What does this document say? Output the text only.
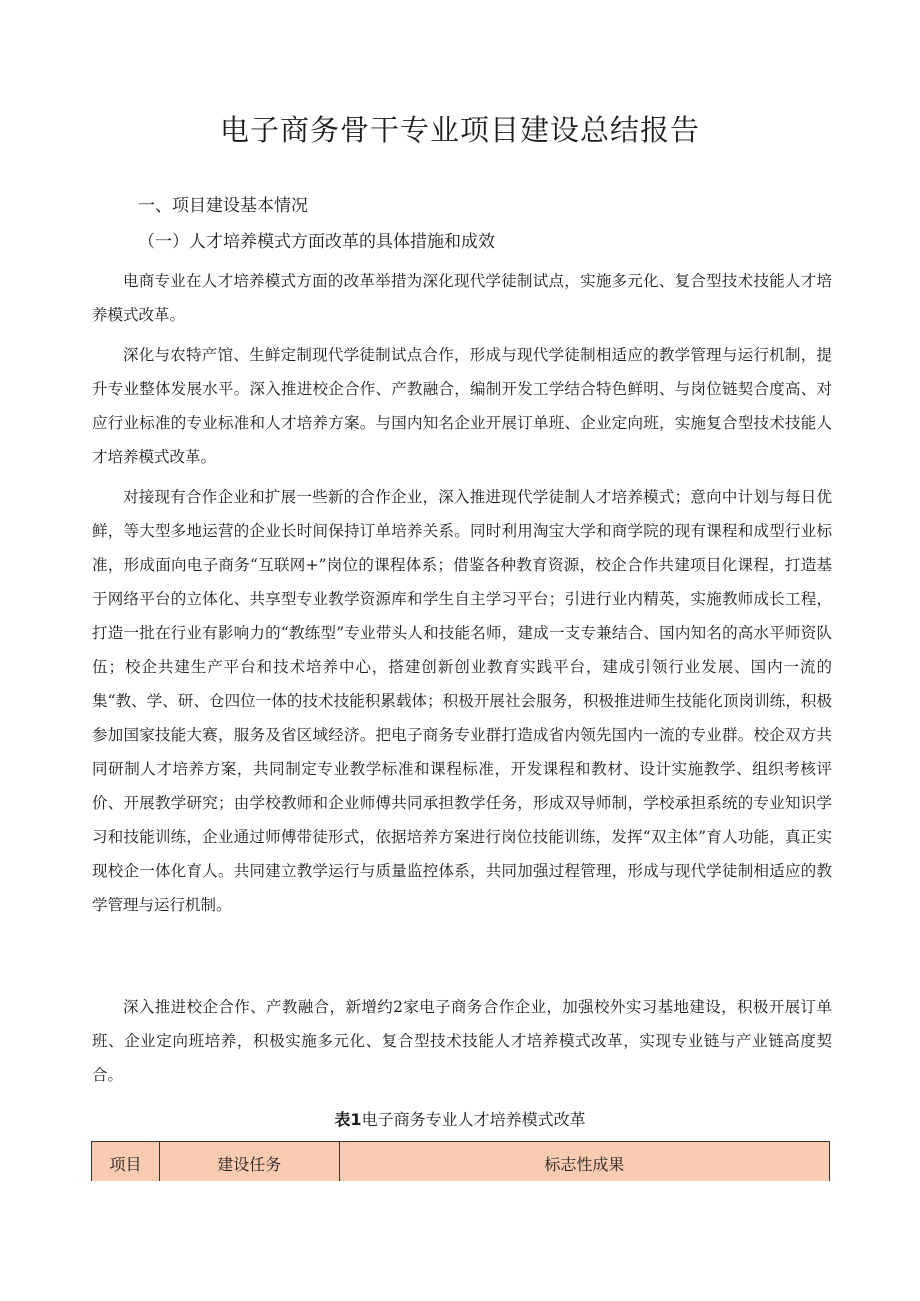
电子商务骨干专业项目建设总结报告
一、项目建设基本情况
（一）人才培养模式方面改革的具体措施和成效

电商专业在人才培养模式方面的改革举措为深化现代学徒制试点，实施多元化、复合型技术技能人才培养模式改革。

深化与农特产馆、生鲜定制现代学徒制试点合作，形成与现代学徒制相适应的教学管理与运行机制，提升专业整体发展水平。深入推进校企合作、产教融合，编制开发工学结合特色鲜明、与岗位链契合度高、对应行业标准的专业标准和人才培养方案。与国内知名企业开展订单班、企业定向班，实施复合型技术技能人才培养模式改革。

对接现有合作企业和扩展一些新的合作企业，深入推进现代学徒制人才培养模式；意向中计划与每日优鲜，等大型多地运营的企业长时间保持订单培养关系。同时利用淘宝大学和商学院的现有课程和成型行业标准，形成面向电子商务“互联网+”岗位的课程体系；借鉴各种教育资源，校企合作共建项目化课程，打造基于网络平台的立体化、共享型专业教学资源库和学生自主学习平台；引进行业内精英，实施教师成长工程，打造一批在行业有影响力的“教练型”专业带头人和技能名师，建成一支专兼结合、国内知名的高水平师资队伍；校企共建生产平台和技术培养中心，搭建创新创业教育实践平台，建成引领行业发展、国内一流的集“教、学、研、仓四位一体的技术技能积累载体；积极开展社会服务，积极推进师生技能化顶岗训练，积极参加国家技能大赛，服务及省区域经济。把电子商务专业群打造成省内领先国内一流的专业群。校企双方共同研制人才培养方案，共同制定专业教学标准和课程标准，开发课程和教材、设计实施教学、组织考核评价、开展教学研究；由学校教师和企业师傅共同承担教学任务，形成双导师制，学校承担系统的专业知识学习和技能训练，企业通过师傅带徒形式，依据培养方案进行岗位技能训练，发挥“双主体”育人功能，真正实现校企一体化育人。共同建立教学运行与质量监控体系，共同加强过程管理，形成与现代学徒制相适应的教学管理与运行机制。

深入推进校企合作、产教融合，新增约2家电子商务合作企业，加强校外实习基地建设，积极开展订单班、企业定向班培养，积极实施多元化、复合型技术技能人才培养模式改革，实现专业链与产业链高度契合。

表1电子商务专业人才培养模式改革
项目	建设任务	标志性成果
